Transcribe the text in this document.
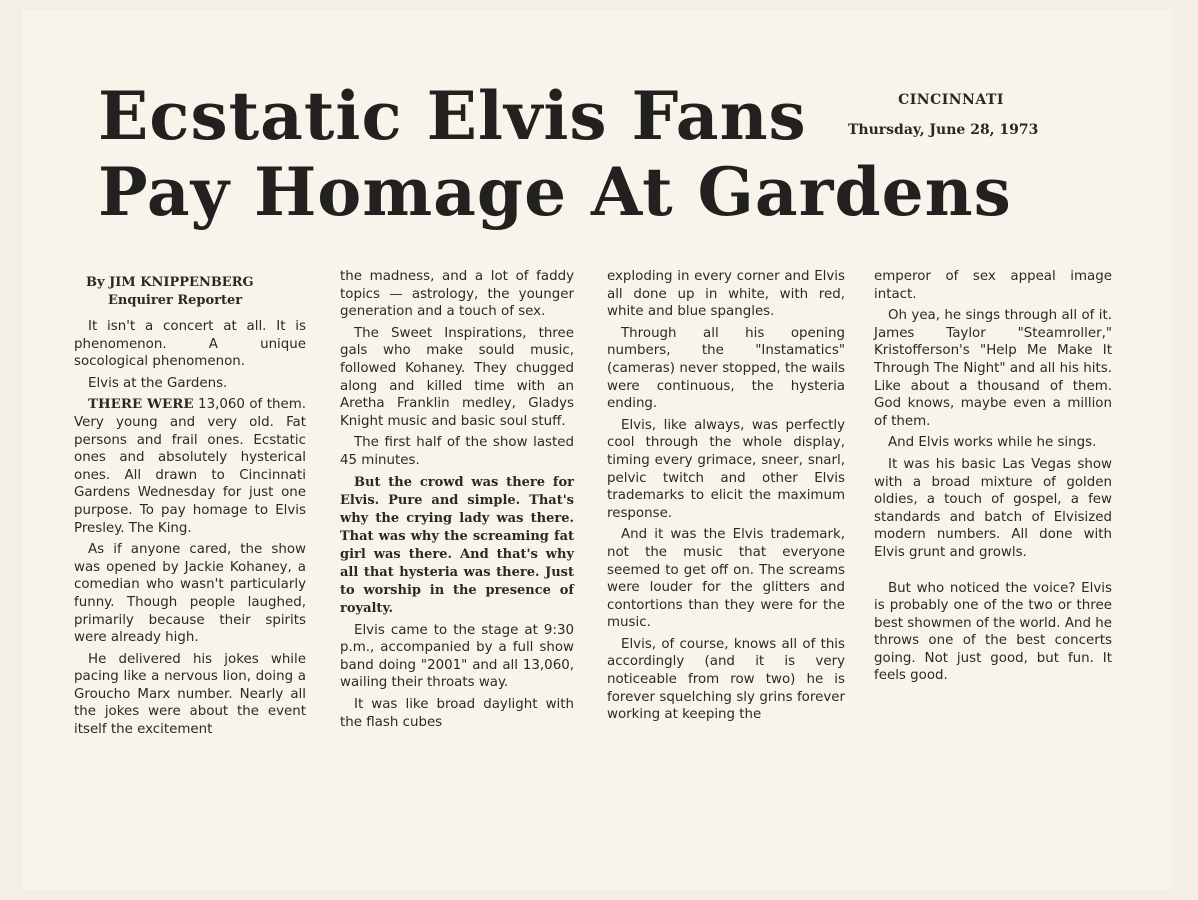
Ecstatic Elvis Fans
Pay Homage At Gardens
CINCINNATI
Thursday, June 28, 1973
By JIM KNIPPENBERG
Enquirer Reporter

It isn't a concert at all. It is phenomenon. A unique socological phenomenon.

Elvis at the Gardens.

THERE WERE 13,060 of them. Very young and very old. Fat persons and frail ones. Ecstatic ones and absolutely hysterical ones. All drawn to Cincinnati Gardens Wednesday for just one purpose. To pay homage to Elvis Presley. The King.

As if anyone cared, the show was opened by Jackie Kohaney, a comedian who wasn't particularly funny. Though people laughed, primarily because their spirits were already high.

He delivered his jokes while pacing like a nervous lion, doing a Groucho Marx number. Nearly all the jokes were about the event itself the excitement

the madness, and a lot of faddy topics — astrology, the younger generation and a touch of sex.

The Sweet Inspirations, three gals who make sould music, followed Kohaney. They chugged along and killed time with an Aretha Franklin medley, Gladys Knight music and basic soul stuff.

The first half of the show lasted 45 minutes.

But the crowd was there for Elvis. Pure and simple. That's why the crying lady was there. That was why the screaming fat girl was there. And that's why all that hysteria was there. Just to worship in the presence of royalty.

Elvis came to the stage at 9:30 p.m., accompanied by a full show band doing "2001" and all 13,060, wailing their throats way.

It was like broad daylight with the flash cubes

exploding in every corner and Elvis all done up in white, with red, white and blue spangles.

Through all his opening numbers, the "Instamatics" (cameras) never stopped, the wails were continuous, the hysteria ending.

Elvis, like always, was perfectly cool through the whole display, timing every grimace, sneer, snarl, pelvic twitch and other Elvis trademarks to elicit the maximum response.

And it was the Elvis trademark, not the music that everyone seemed to get off on. The screams were louder for the glitters and contortions than they were for the music.

Elvis, of course, knows all of this accordingly (and it is very noticeable from row two) he is forever squelching sly grins forever working at keeping the

emperor of sex appeal image intact.

Oh yea, he sings through all of it. James Taylor "Steamroller," Kristofferson's "Help Me Make It Through The Night" and all his hits. Like about a thousand of them. God knows, maybe even a million of them.

And Elvis works while he sings.

It was his basic Las Vegas show with a broad mixture of golden oldies, a touch of gospel, a few standards and batch of Elvisized modern numbers. All done with Elvis grunt and growls.

But who noticed the voice? Elvis is probably one of the two or three best showmen of the world. And he throws one of the best concerts going. Not just good, but fun. It feels good.
